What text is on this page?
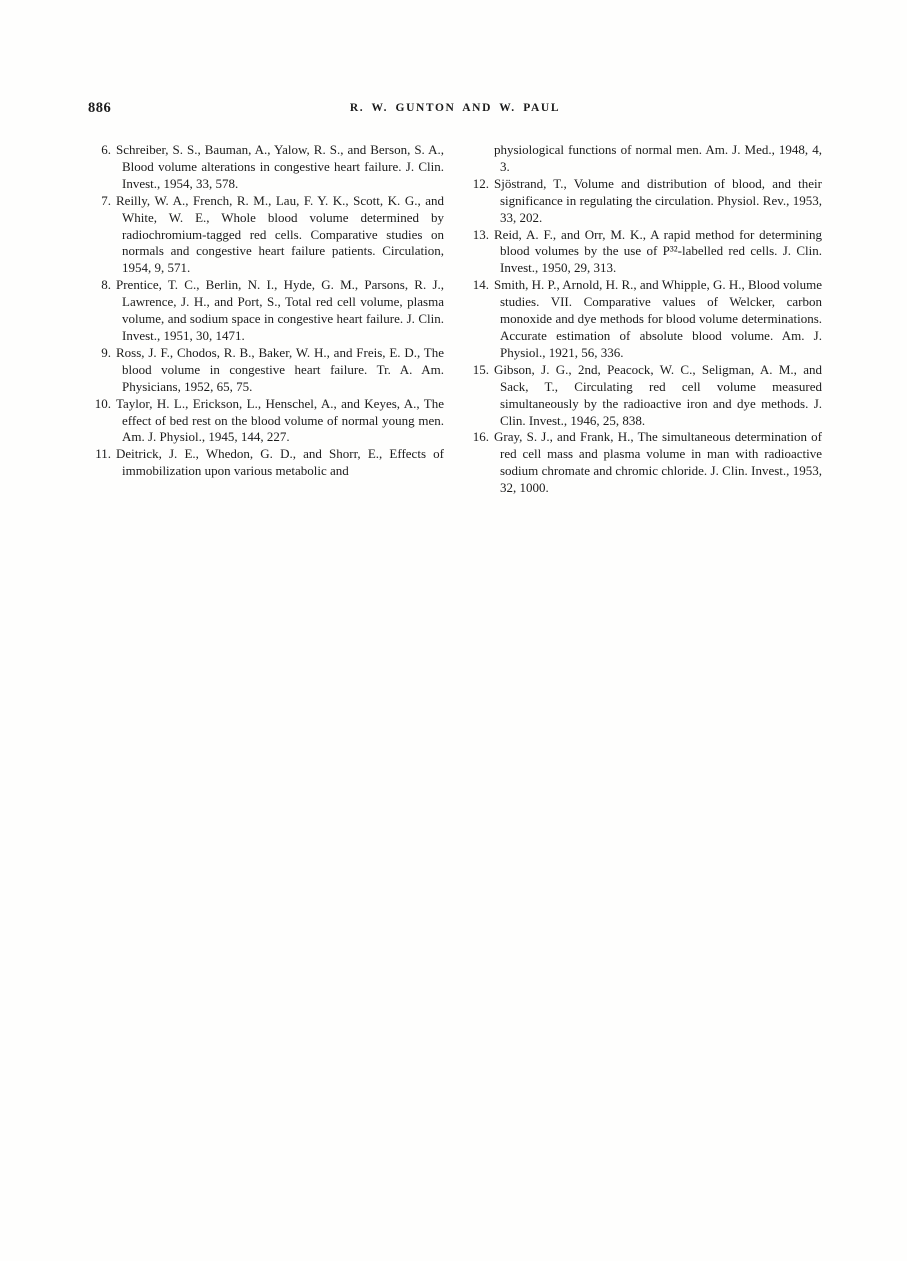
886	R. W. GUNTON AND W. PAUL
6. Schreiber, S. S., Bauman, A., Yalow, R. S., and Berson, S. A., Blood volume alterations in congestive heart failure. J. Clin. Invest., 1954, 33, 578.
7. Reilly, W. A., French, R. M., Lau, F. Y. K., Scott, K. G., and White, W. E., Whole blood volume determined by radiochromium-tagged red cells. Comparative studies on normals and congestive heart failure patients. Circulation, 1954, 9, 571.
8. Prentice, T. C., Berlin, N. I., Hyde, G. M., Parsons, R. J., Lawrence, J. H., and Port, S., Total red cell volume, plasma volume, and sodium space in congestive heart failure. J. Clin. Invest., 1951, 30, 1471.
9. Ross, J. F., Chodos, R. B., Baker, W. H., and Freis, E. D., The blood volume in congestive heart failure. Tr. A. Am. Physicians, 1952, 65, 75.
10. Taylor, H. L., Erickson, L., Henschel, A., and Keyes, A., The effect of bed rest on the blood volume of normal young men. Am. J. Physiol., 1945, 144, 227.
11. Deitrick, J. E., Whedon, G. D., and Shorr, E., Effects of immobilization upon various metabolic and
physiological functions of normal men. Am. J. Med., 1948, 4, 3.
12. Sjöstrand, T., Volume and distribution of blood, and their significance in regulating the circulation. Physiol. Rev., 1953, 33, 202.
13. Reid, A. F., and Orr, M. K., A rapid method for determining blood volumes by the use of P³²-labelled red cells. J. Clin. Invest., 1950, 29, 313.
14. Smith, H. P., Arnold, H. R., and Whipple, G. H., Blood volume studies. VII. Comparative values of Welcker, carbon monoxide and dye methods for blood volume determinations. Accurate estimation of absolute blood volume. Am. J. Physiol., 1921, 56, 336.
15. Gibson, J. G., 2nd, Peacock, W. C., Seligman, A. M., and Sack, T., Circulating red cell volume measured simultaneously by the radioactive iron and dye methods. J. Clin. Invest., 1946, 25, 838.
16. Gray, S. J., and Frank, H., The simultaneous determination of red cell mass and plasma volume in man with radioactive sodium chromate and chromic chloride. J. Clin. Invest., 1953, 32, 1000.
